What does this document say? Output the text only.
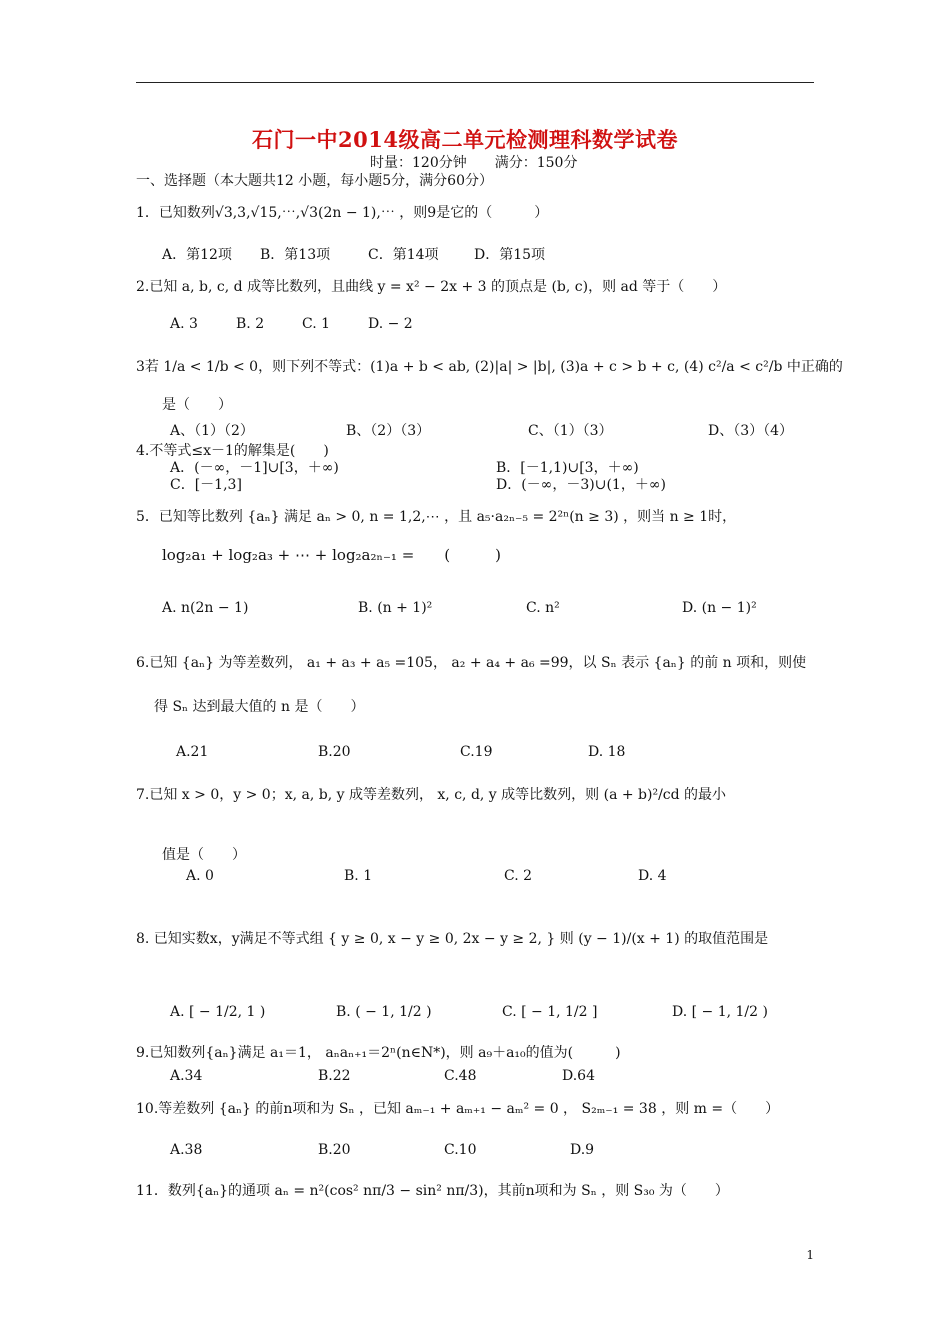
石门一中2014级高二单元检测理科数学试卷
时量：120分钟　　满分：150分
一、选择题（本大题共12 小题，每小题5分，满分60分）
1．已知数列√3,3,√15,⋯,√3(2n − 1),⋯ ，则9是它的（　　　）
A．第12项 B．第13项	C．第14项	D．第15项
2.已知 a, b, c, d 成等比数列，且曲线 y = x² − 2x + 3 的顶点是 (b, c)，则 ad 等于（　　）
A. 3	B. 2	C. 1	D. − 2
3若 1/a < 1/b < 0，则下列不等式：(1)a + b < ab, (2)|a| > |b|, (3)a + c > b + c, (4) c²/a < c²/b 中正确的
是（　　）
A、（1）（2）	B、（2）（3）	C、（1）（3）	D、（3）（4）
4.不等式≤x－1的解集是(　　)
A．(－∞，－1]∪[3，＋∞)	B．[－1,1)∪[3，＋∞)
C．[－1,3]	D．(－∞，－3)∪(1，＋∞)
5．已知等比数列 {aₙ} 满足 aₙ > 0, n = 1,2,⋯ ，且 a₅·a₂ₙ₋₅ = 2²ⁿ(n ≥ 3) ，则当 n ≥ 1时，
log₂a₁ + log₂a₃ + ⋯ + log₂a₂ₙ₋₁ =　　(　　　)
A. n(2n − 1)	B. (n + 1)²	C. n²	D. (n − 1)²
6.已知 {aₙ} 为等差数列， a₁ + a₃ + a₅ =105， a₂ + a₄ + a₆ =99，以 Sₙ 表示 {aₙ} 的前 n 项和，则使
得 Sₙ 达到最大值的 n 是（　　）
A.21	B.20	C.19	D. 18
7.已知 x > 0，y > 0；x, a, b, y 成等差数列， x, c, d, y 成等比数列，则 (a + b)²/cd 的最小
值是（　　）
A. 0	B. 1	C. 2	D. 4
8. 已知实数x，y满足不等式组 { y ≥ 0, x − y ≥ 0, 2x − y ≥ 2, } 则 (y − 1)/(x + 1) 的取值范围是
A. [ − 1/2, 1 )	B. ( − 1, 1/2 )	C. [ − 1, 1/2 ]	D. [ − 1, 1/2 )
9.已知数列{aₙ}满足 a₁＝1， aₙaₙ₊₁＝2ⁿ(n∈N*)，则 a₉＋a₁₀的值为(　　　)
A.34	B.22	C.48	D.64
10.等差数列 {aₙ} 的前n项和为 Sₙ ，已知 aₘ₋₁ + aₘ₊₁ − aₘ² = 0 ， S₂ₘ₋₁ = 38 ，则 m =（　　）
A.38	B.20	C.10	D.9
11．数列{aₙ}的通项 aₙ = n²(cos² nπ/3 − sin² nπ/3)，其前n项和为 Sₙ ，则 S₃₀ 为（　　）
1
